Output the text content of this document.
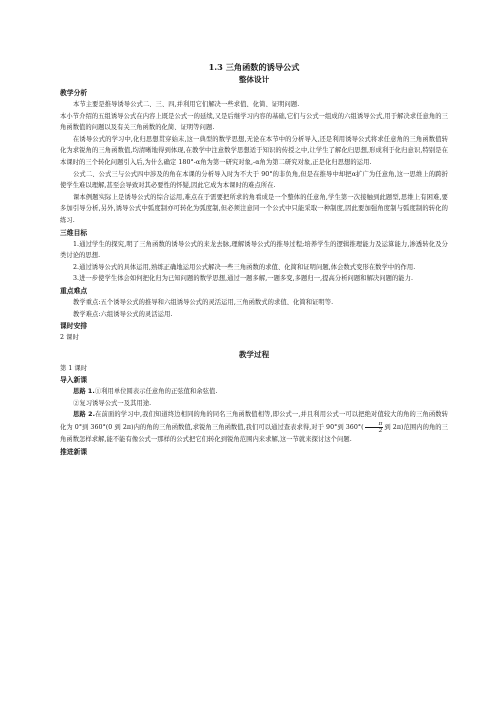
1.3 三角函数的诱导公式
整体设计
教学分析

本节主要是推导诱导公式二、三、四,并利用它们解决一些求值、化简、证明问题.

本小节介绍的五组诱导公式在内容上既是公式一的延续,又是后继学习内容的基础,它们与公式一组成的六组诱导公式,用于解决求任意角的三角函数值的问题以及有关三角函数的化简、证明等问题.

在诱导公式的学习中,化归思想贯穿始末,这一典型的数学思想,无论在本节中的分析导入,还是利用诱导公式将求任意角的三角函数值转化为求锐角的三角函数值,均清晰地得到体现,在教学中注意数学思想适于知识的传授之中,让学生了解化归思想,形成利于化归意识,特别是在本课时的三个转化问题引入后,为什么确定 180°-α角为第一研究对象,-α角为第二研究对象,正是化归思想的运用.

公式二、公式三与公式四中涉及的角在本课的分析导入时为不大于 90°的非负角,但是在推导中却把α扩广为任意角,这一思维上的跨折使学生难以理解,甚至会导致对其必要性的怀疑,因此它成为本课时的难点所在.

课本例题实际上是诱导公式的综合运用,难点在于需要把所求的角看成是一个整体的任意角,学生第一次接触到此题型,思维上有困难,要多加引导分析,另外,诱导公式中弧度制亦可转化为弧度制,但必须注意同一个公式中只能采取一种制度,因此要加强角度制与弧度制的转化的练习.

三维目标

1.通过学生的探究,明了三角函数的诱导公式的来龙去脉,理解诱导公式的推导过程;培养学生的逻辑推理能力及运算能力,渗透转化及分类讨论的思想.

2.通过诱导公式的具体运用,熟练正确地运用公式解决一些三角函数的求值、化简和证明问题,体会数式变形在数学中的作用.

3.进一步使学生体会如何把化归为已知问题的数学思想,通过一题多解,一题多变,多题归一,提高分析问题和解决问题的能力.

重点难点

教学重点:五个诱导公式的推导和六组诱导公式的灵活运用,三角函数式的求值、化简和证明等.

教学难点:六组诱导公式的灵活运用.

课时安排

2 课时

教学过程

第 1 课时

导入新课

思路 1.①利用单位圆表示任意角的正弦值和余弦值.

②复习诱导公式一及其用途.

思路 2.在前面的学习中,我们知道终边相同的角的同名三角函数值相等,即公式一,并且利用公式一可以把绝对值较大的角的三角函数转化为 0°到 360°(0 到 2π)内的角的三角函数值,求锐角三角函数值,我们可以通过查表求得,对于 90°到 $360^\circ( \frac{\pi}{2}$ 到 2π)范围内的角的三角函数怎样求解,能不能有像公式一那样的公式把它们转化到锐角范围内来求解,这一节就来探讨这个问题.

推进新课
